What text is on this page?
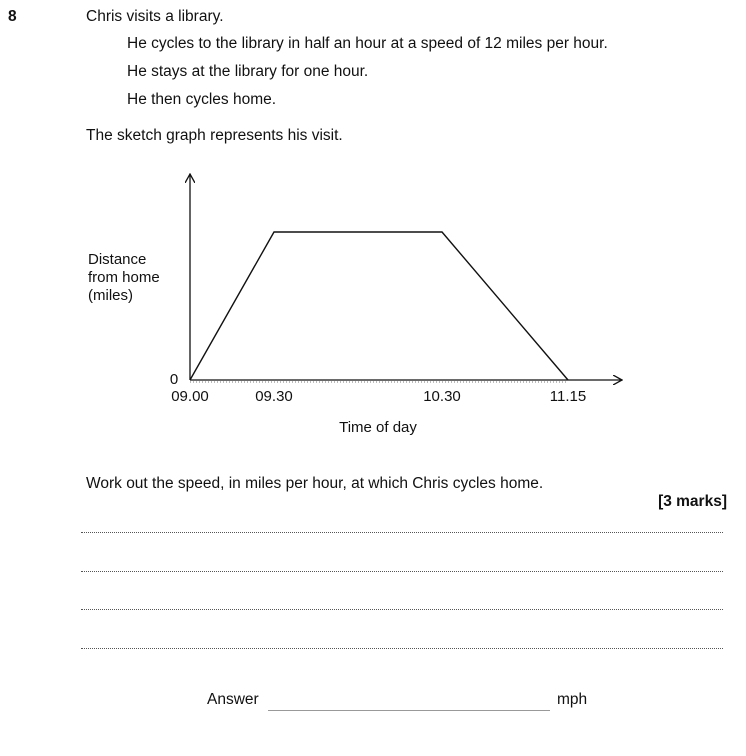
8	Chris visits a library.
He cycles to the library in half an hour at a speed of 12 miles per hour.
He stays at the library for one hour.
He then cycles home.
The sketch graph represents his visit.
09.00	09.30	10.30	11.15
0
Distance
from home
(miles)
Time of day
Work out the speed, in miles per hour, at which Chris cycles home.
[3 marks]
Answer	mph
